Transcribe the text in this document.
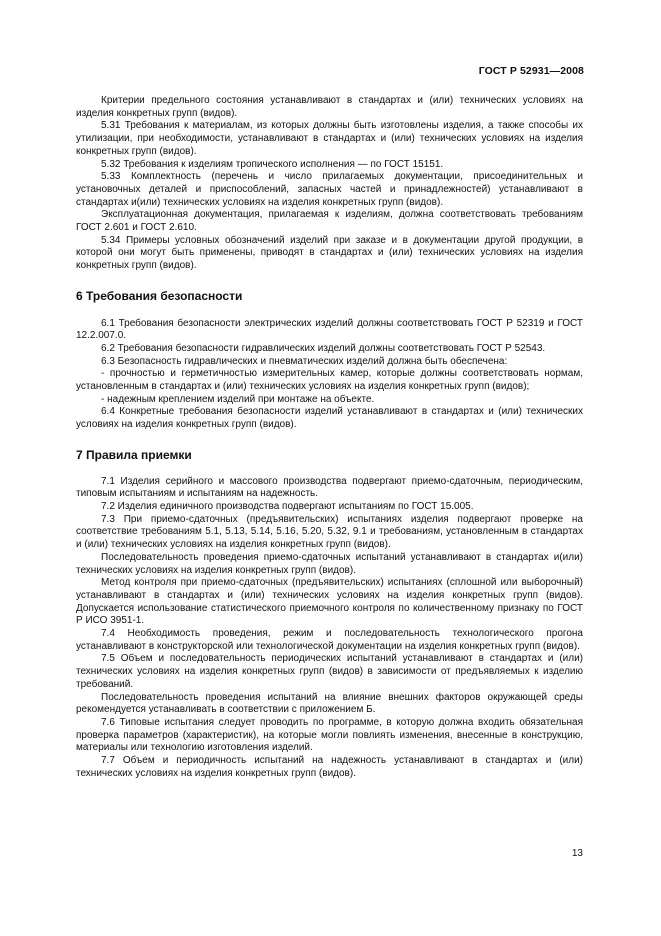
ГОСТ Р 52931—2008

Критерии предельного состояния устанавливают в стандартах и (или) технических условиях на изделия конкретных групп (видов).

5.31 Требования к материалам, из которых должны быть изготовлены изделия, а также способы их утилизации, при необходимости, устанавливают в стандартах и (или) технических условиях на изделия конкретных групп (видов).

5.32 Требования к изделиям тропического исполнения — по ГОСТ 15151.

5.33 Комплектность (перечень и число прилагаемых документации, присоединительных и установочных деталей и приспособлений, запасных частей и принадлежностей) устанавливают в стандартах и(или) технических условиях на изделия конкретных групп (видов).

Эксплуатационная документация, прилагаемая к изделиям, должна соответствовать требованиям ГОСТ 2.601 и ГОСТ 2.610.

5.34 Примеры условных обозначений изделий при заказе и в документации другой продукции, в которой они могут быть применены, приводят в стандартах и (или) технических условиях на изделия конкретных групп (видов).

6 Требования безопасности

6.1 Требования безопасности электрических изделий должны соответствовать ГОСТ Р 52319 и ГОСТ 12.2.007.0.

6.2 Требования безопасности гидравлических изделий должны соответствовать ГОСТ Р 52543.

6.3 Безопасность гидравлических и пневматических изделий должна быть обеспечена:

- прочностью и герметичностью измерительных камер, которые должны соответствовать нормам, установленным в стандартах и (или) технических условиях на изделия конкретных групп (видов);

- надежным креплением изделий при монтаже на объекте.

6.4 Конкретные требования безопасности изделий устанавливают в стандартах и (или) технических условиях на изделия конкретных групп (видов).

7 Правила приемки

7.1 Изделия серийного и массового производства подвергают приемо-сдаточным, периодическим, типовым испытаниям и испытаниям на надежность.

7.2 Изделия единичного производства подвергают испытаниям по ГОСТ 15.005.

7.3 При приемо-сдаточных (предъявительских) испытаниях изделия подвергают проверке на соответствие требованиям 5.1, 5.13, 5.14, 5.16, 5.20, 5.32, 9.1 и требованиям, установленным в стандартах и (или) технических условиях на изделия конкретных групп (видов).

Последовательность проведения приемо-сдаточных испытаний устанавливают в стандартах и(или) технических условиях на изделия конкретных групп (видов).

Метод контроля при приемо-сдаточных (предъявительских) испытаниях (сплошной или выборочный) устанавливают в стандартах и (или) технических условиях на изделия конкретных групп (видов). Допускается использование статистического приемочного контроля по количественному признаку по ГОСТ Р ИСО 3951-1.

7.4 Необходимость проведения, режим и последовательность технологического прогона устанавливают в конструкторской или технологической документации на изделия конкретных групп (видов).

7.5 Объем и последовательность периодических испытаний устанавливают в стандартах и (или) технических условиях на изделия конкретных групп (видов) в зависимости от предъявляемых к изделию требований.

Последовательность проведения испытаний на влияние внешних факторов окружающей среды рекомендуется устанавливать в соответствии с приложением Б.

7.6 Типовые испытания следует проводить по программе, в которую должна входить обязательная проверка параметров (характеристик), на которые могли повлиять изменения, внесенные в конструкцию, материалы или технологию изготовления изделий.

7.7 Объем и периодичность испытаний на надежность устанавливают в стандартах и (или) технических условиях на изделия конкретных групп (видов).

13
